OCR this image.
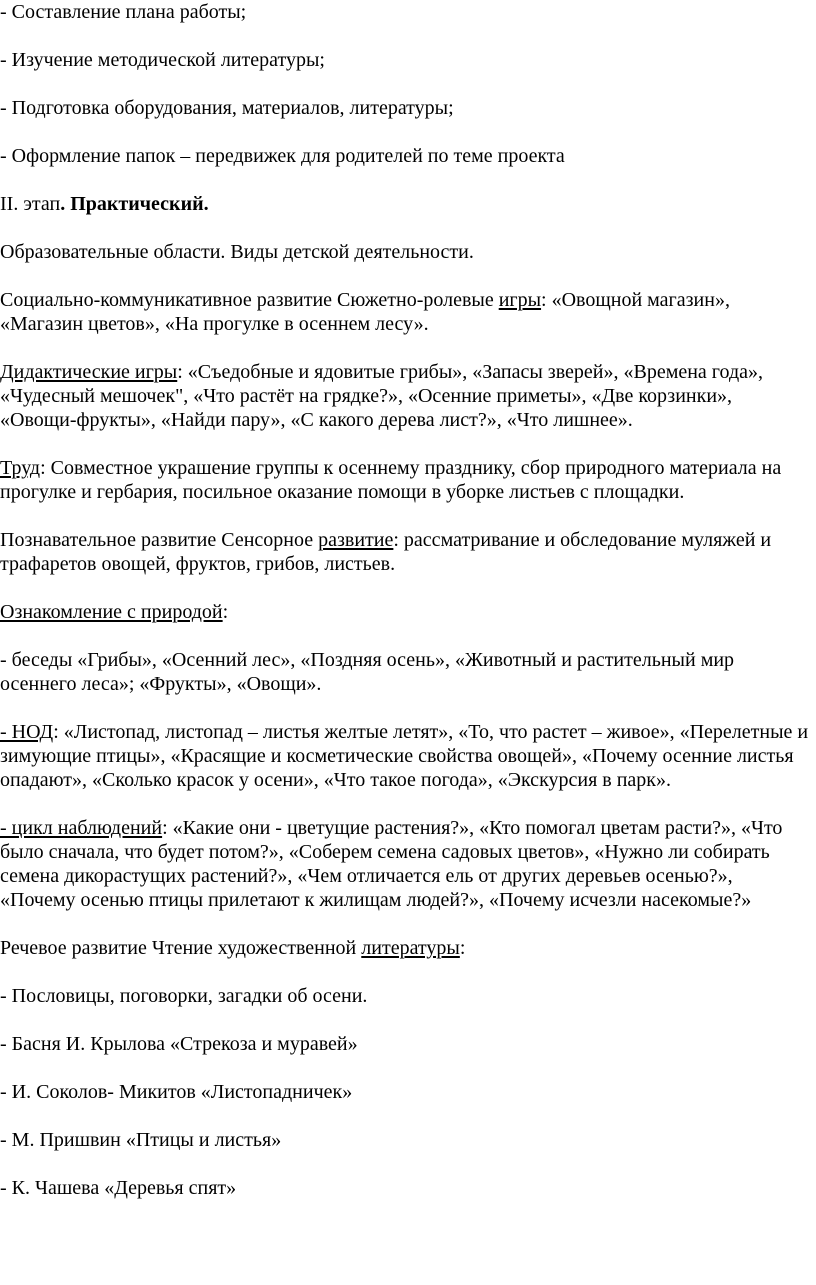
- Составление плана работы;

- Изучение методической литературы;

- Подготовка оборудования, материалов, литературы;

- Оформление папок – передвижек для родителей по теме проекта

II. этап. Практический.

Образовательные области. Виды детской деятельности.

Социально-коммуникативное развитие Сюжетно-ролевые игры: «Овощной магазин», «Магазин цветов», «На прогулке в осеннем лесу».

Дидактические игры: «Съедобные и ядовитые грибы», «Запасы зверей», «Времена года», «Чудесный мешочек", «Что растёт на грядке?», «Осенние приметы», «Две корзинки», «Овощи-фрукты», «Найди пару», «С какого дерева лист?», «Что лишнее».

Труд: Совместное украшение группы к осеннему празднику, сбор природного материала на прогулке и гербария, посильное оказание помощи в уборке листьев с площадки.

Познавательное развитие Сенсорное развитие: рассматривание и обследование муляжей и трафаретов овощей, фруктов, грибов, листьев.

Ознакомление с природой:

- беседы «Грибы», «Осенний лес», «Поздняя осень», «Животный и растительный мир осеннего леса»; «Фрукты», «Овощи».

- НОД: «Листопад, листопад – листья желтые летят», «То, что растет – живое», «Перелетные и зимующие птицы», «Красящие и косметические свойства овощей», «Почему осенние листья опадают», «Сколько красок у осени», «Что такое погода», «Экскурсия в парк».

- цикл наблюдений: «Какие они - цветущие растения?», «Кто помогал цветам расти?», «Что было сначала, что будет потом?», «Соберем семена садовых цветов», «Нужно ли собирать семена дикорастущих растений?», «Чем отличается ель от других деревьев осенью?», «Почему осенью птицы прилетают к жилищам людей?», «Почему исчезли насекомые?»

Речевое развитие Чтение художественной литературы:

- Пословицы, поговорки, загадки об осени.

- Басня И. Крылова «Стрекоза и муравей»

- И. Соколов- Микитов «Листопадничек»

- М. Пришвин «Птицы и листья»

- К. Чашева «Деревья спят»
